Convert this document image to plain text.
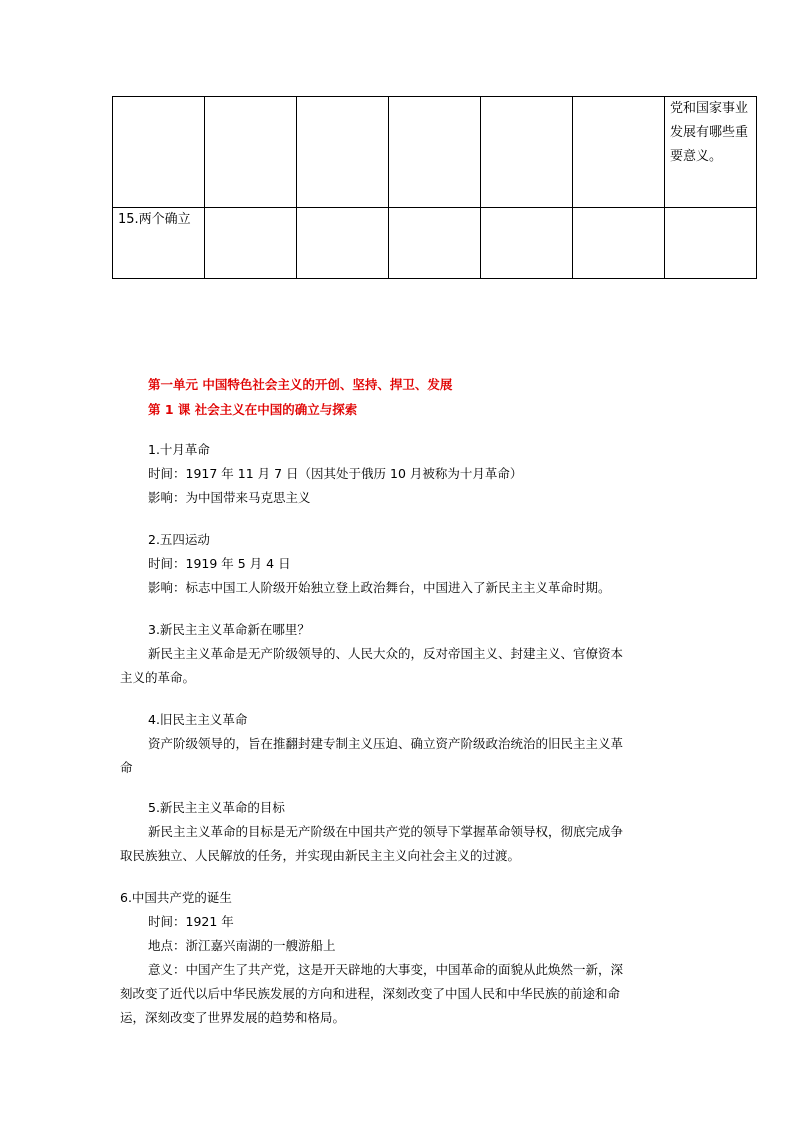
						党和国家事业发展有哪些重要意义。
15.两个确立						
第一单元 中国特色社会主义的开创、坚持、捍卫、发展
第 1 课 社会主义在中国的确立与探索
1.十月革命
时间：1917 年 11 月 7 日（因其处于俄历 10 月被称为十月革命）
影响：为中国带来马克思主义
2.五四运动
时间：1919 年 5 月 4 日
影响：标志中国工人阶级开始独立登上政治舞台，中国进入了新民主主义革命时期。
3.新民主主义革命新在哪里？
新民主主义革命是无产阶级领导的、人民大众的，反对帝国主义、封建主义、官僚资本
主义的革命。
4.旧民主主义革命
资产阶级领导的，旨在推翻封建专制主义压迫、确立资产阶级政治统治的旧民主主义革
命
5.新民主主义革命的目标
新民主主义革命的目标是无产阶级在中国共产党的领导下掌握革命领导权，彻底完成争
取民族独立、人民解放的任务，并实现由新民主主义向社会主义的过渡。
6.中国共产党的诞生
时间：1921 年
地点：浙江嘉兴南湖的一艘游船上
意义：中国产生了共产党，这是开天辟地的大事变，中国革命的面貌从此焕然一新，深
刻改变了近代以后中华民族发展的方向和进程，深刻改变了中国人民和中华民族的前途和命
运，深刻改变了世界发展的趋势和格局。
